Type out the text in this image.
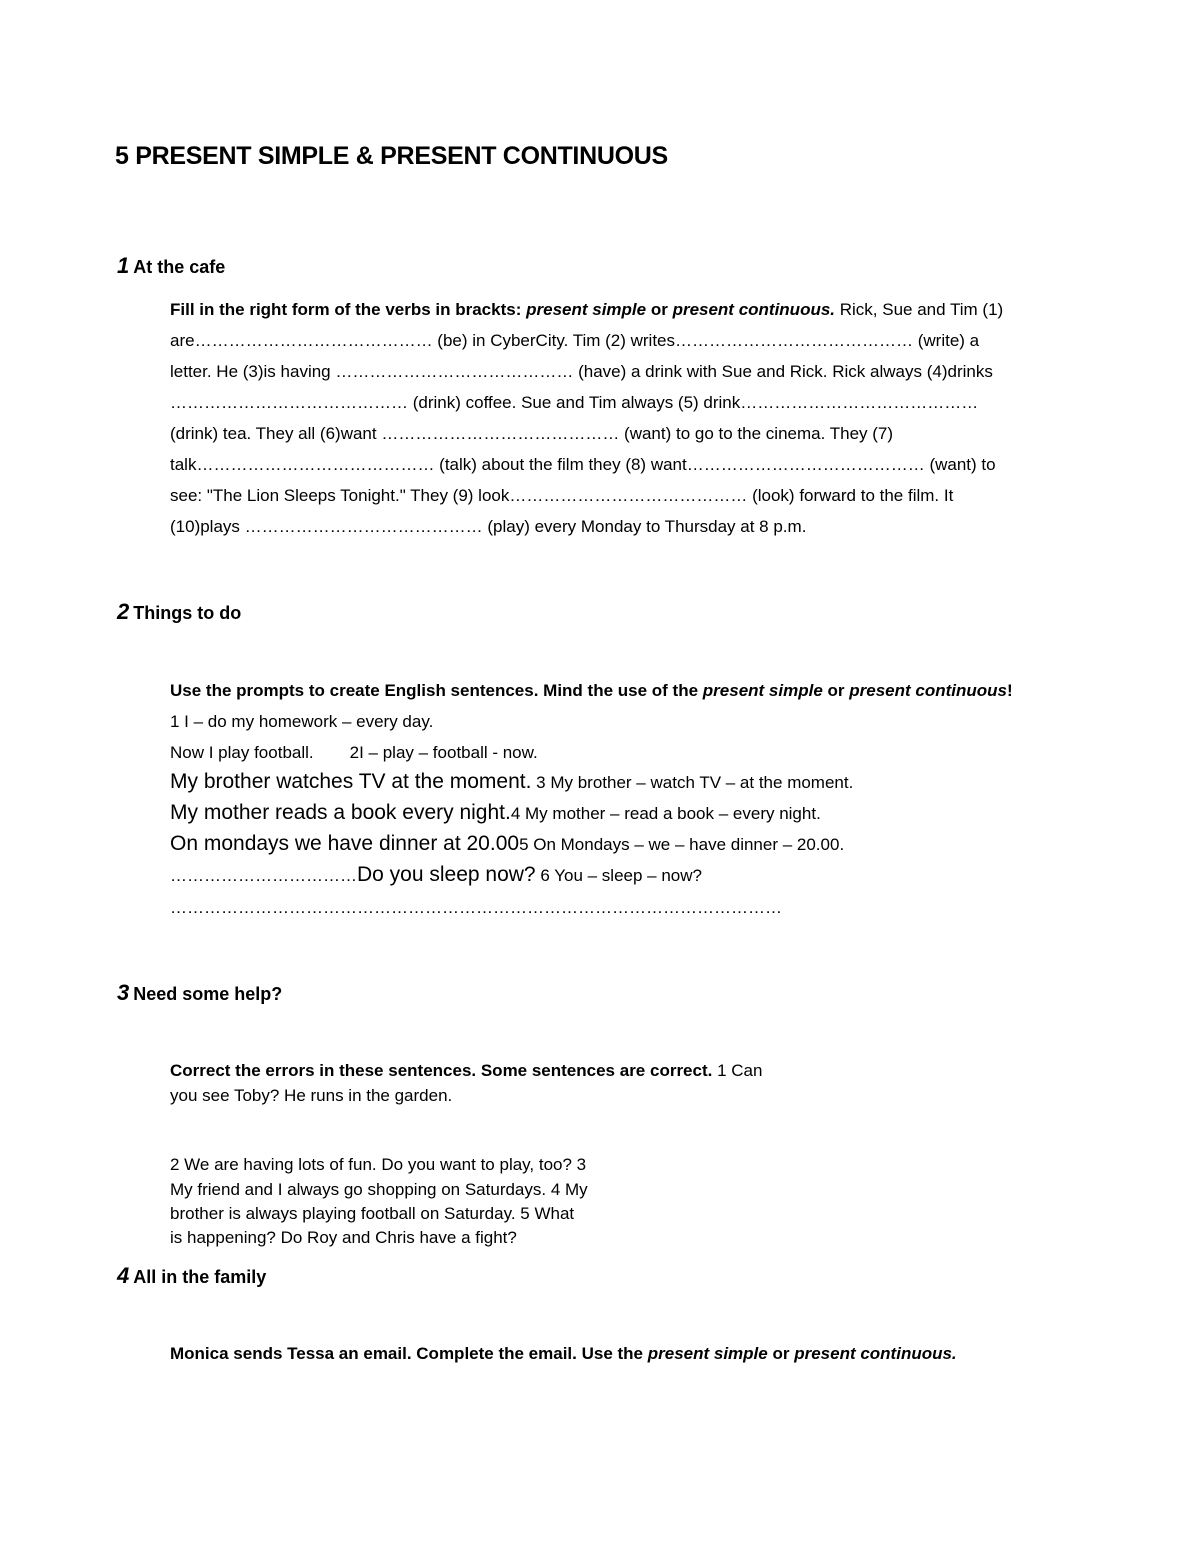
5 PRESENT SIMPLE & PRESENT CONTINUOUS
1 At the cafe
Fill in the right form of the verbs in brackts: present simple or present continuous. Rick, Sue and Tim (1)
are…………………………………… (be) in CyberCity. Tim (2) writes…………………………………… (write) a
letter. He (3)is having …………………………………… (have) a drink with Sue and Rick. Rick always (4)drinks
…………………………………… (drink) coffee. Sue and Tim always (5) drink……………………………………
(drink) tea. They all (6)want …………………………………… (want) to go to the cinema. They (7)
talk…………………………………… (talk) about the film they (8) want…………………………………… (want) to
see: "The Lion Sleeps Tonight." They (9) look…………………………………… (look) forward to the film. It
(10)plays …………………………………… (play) every Monday to Thursday at 8 p.m.
2 Things to do
Use the prompts to create English sentences. Mind the use of the present simple or present continuous!
1 I – do my homework – every day.
Now I play football. 2I – play – football - now.
My brother watches TV at the moment. 3 My brother – watch TV – at the moment.
My mother reads a book every night.4 My mother – read a book – every night.
On mondays we have dinner at 20.005 On Mondays – we – have dinner – 20.00.
……………………………Do you sleep now? 6 You – sleep – now?
………………………………………………………………………………………………
3 Need some help?
Correct the errors in these sentences. Some sentences are correct. 1 Can
you see Toby? He runs in the garden.
2 We are having lots of fun. Do you want to play, too? 3
My friend and I always go shopping on Saturdays. 4 My
brother is always playing football on Saturday. 5 What
is happening? Do Roy and Chris have a fight?
4 All in the family
Monica sends Tessa an email. Complete the email. Use the present simple or present continuous.
